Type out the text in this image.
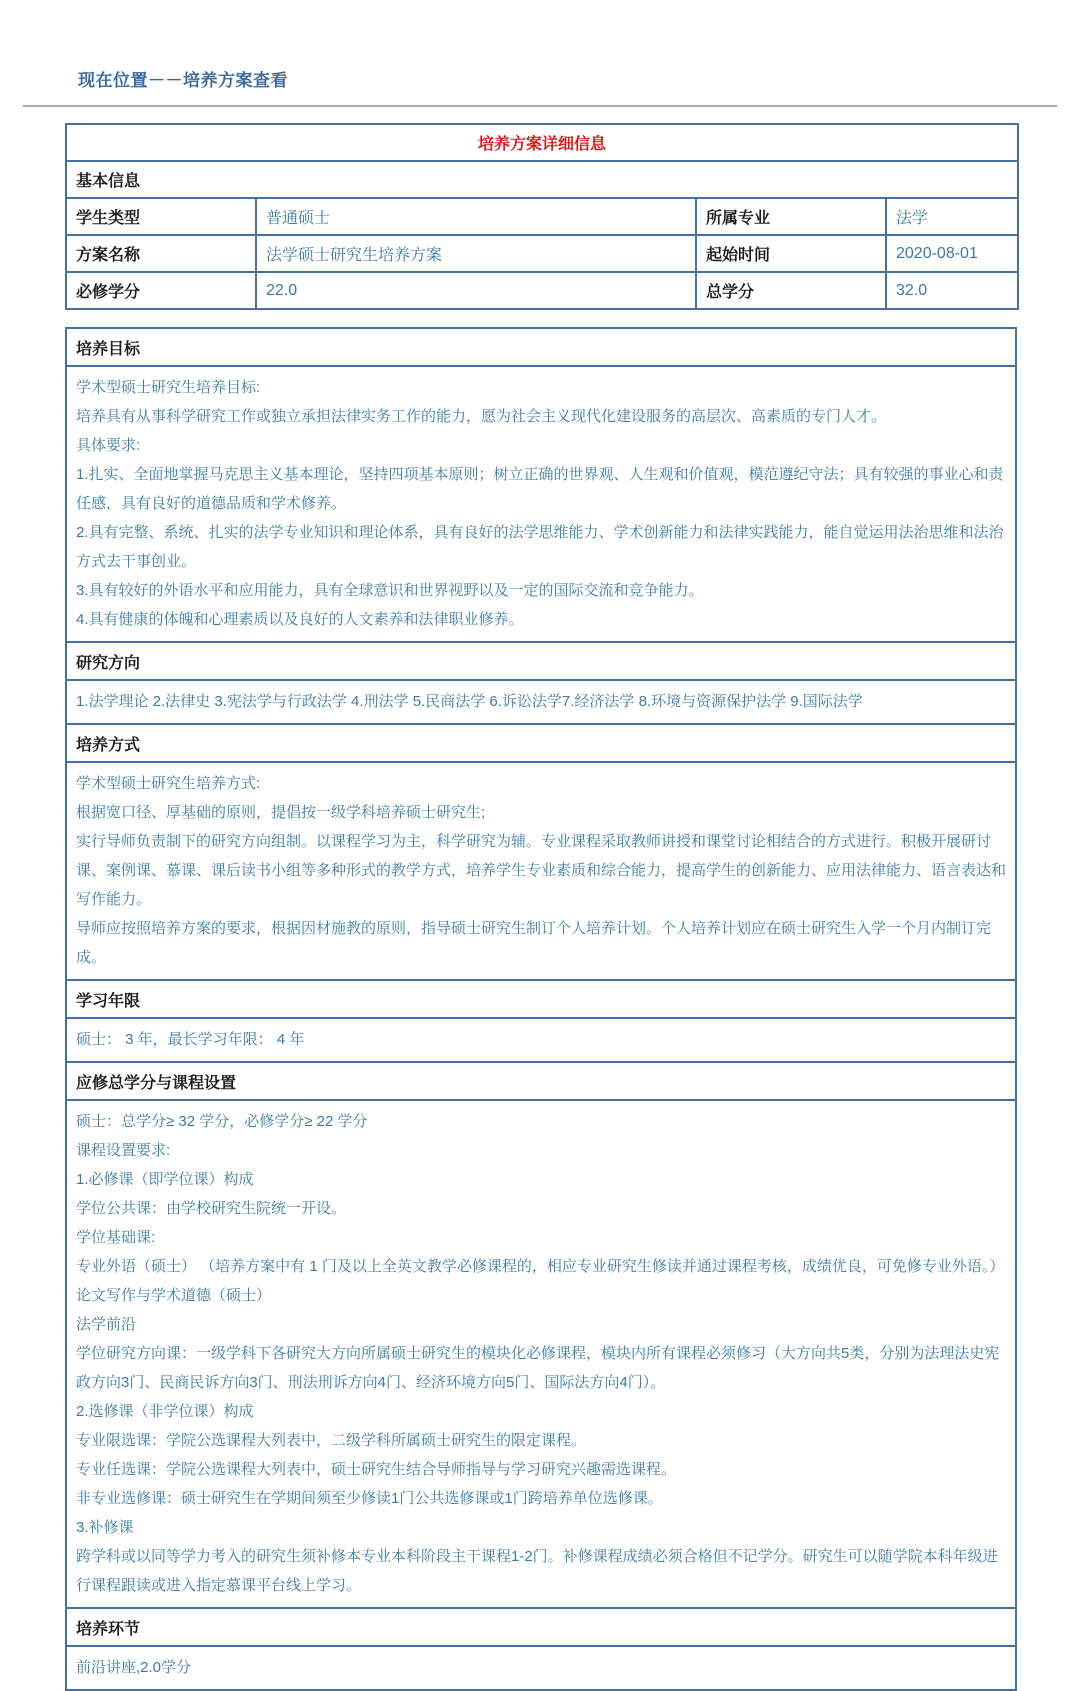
现在位置－－培养方案查看
培养方案详细信息			
基本信息			
学生类型	普通硕士	所属专业	法学
方案名称	法学硕士研究生培养方案	起始时间	2020-08-01
必修学分	22.0	总学分	32.0
培养目标
学术型硕士研究生培养目标:
培养具有从事科学研究工作或独立承担法律实务工作的能力，愿为社会主义现代化建设服务的高层次、高素质的专门人才。
具体要求:
1.扎实、全面地掌握马克思主义基本理论，坚持四项基本原则；树立正确的世界观、人生观和价值观，模范遵纪守法；具有较强的事业心和责任感，具有良好的道德品质和学术修养。
2.具有完整、系统、扎实的法学专业知识和理论体系，具有良好的法学思维能力、学术创新能力和法律实践能力，能自觉运用法治思维和法治方式去干事创业。
3.具有较好的外语水平和应用能力，具有全球意识和世界视野以及一定的国际交流和竞争能力。
4.具有健康的体魄和心理素质以及良好的人文素养和法律职业修养。
研究方向
1.法学理论 2.法律史 3.宪法学与行政法学 4.刑法学 5.民商法学 6.诉讼法学7.经济法学 8.环境与资源保护法学 9.国际法学
培养方式
学术型硕士研究生培养方式:
根据宽口径、厚基础的原则，提倡按一级学科培养硕士研究生;
实行导师负责制下的研究方向组制。以课程学习为主，科学研究为辅。专业课程采取教师讲授和课堂讨论相结合的方式进行。积极开展研讨课、案例课、慕课、课后读书小组等多种形式的教学方式，培养学生专业素质和综合能力，提高学生的创新能力、应用法律能力、语言表达和写作能力。
导师应按照培养方案的要求，根据因材施教的原则，指导硕士研究生制订个人培养计划。个人培养计划应在硕士研究生入学一个月内制订完成。
学习年限
硕士： 3 年，最长学习年限： 4 年
应修总学分与课程设置
硕士：总学分≥ 32 学分，必修学分≥ 22 学分
课程设置要求:
1.必修课（即学位课）构成
学位公共课：由学校研究生院统一开设。
学位基础课:
专业外语（硕士） （培养方案中有 1 门及以上全英文教学必修课程的，相应专业研究生修读并通过课程考核，成绩优良，可免修专业外语。）
论文写作与学术道德（硕士）
法学前沿
学位研究方向课：一级学科下各研究大方向所属硕士研究生的模块化必修课程，模块内所有课程必须修习（大方向共5类，分别为法理法史宪政方向3门、民商民诉方向3门、刑法刑诉方向4门、经济环境方向5门、国际法方向4门）。
2.选修课（非学位课）构成
专业限选课：学院公选课程大列表中，二级学科所属硕士研究生的限定课程。
专业任选课：学院公选课程大列表中，硕士研究生结合导师指导与学习研究兴趣需选课程。
非专业选修课：硕士研究生在学期间须至少修读1门公共选修课或1门跨培养单位选修课。
3.补修课
跨学科或以同等学力考入的研究生须补修本专业本科阶段主干课程1-2门。补修课程成绩必须合格但不记学分。研究生可以随学院本科年级进行课程跟读或进入指定慕课平台线上学习。
培养环节
前沿讲座,2.0学分
